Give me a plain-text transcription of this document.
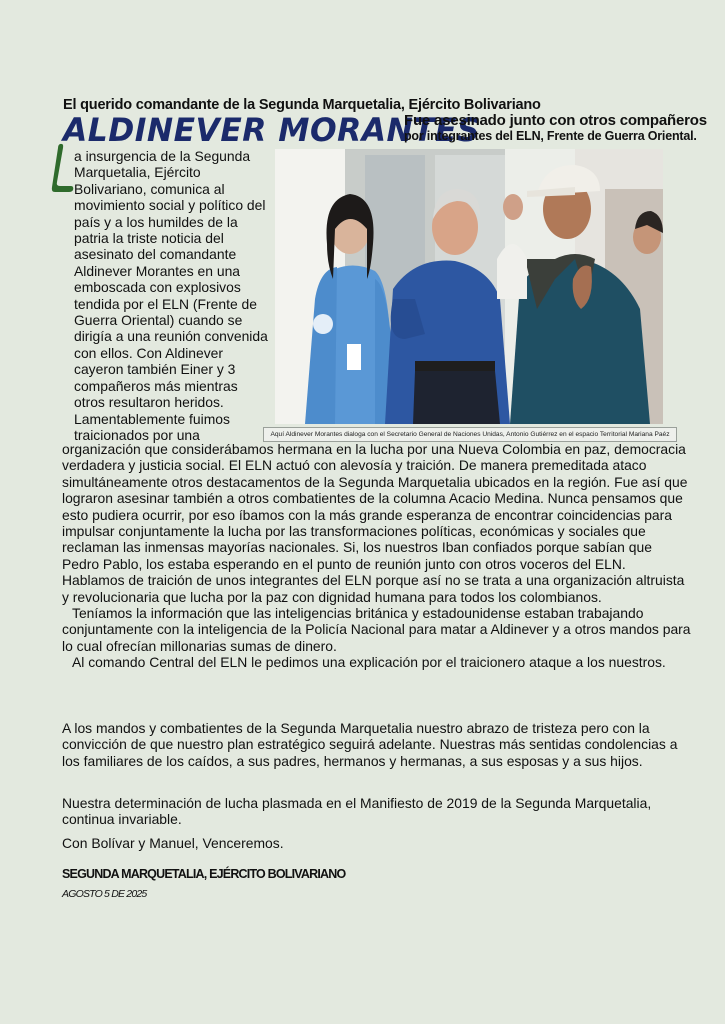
El querido comandante de la Segunda Marquetalia, Ejército Bolivariano
ALDINEVER MORANTES
Fue asesinado junto con otros compañeros
por integrantes del ELN, Frente de Guerra Oriental.

a insurgencia de la Segunda Marquetalia, Ejército Bolivariano, comunica al movimiento social y político del país y a los humildes de la patria la triste noticia del asesinato del comandante Aldinever Morantes en una emboscada con explosivos tendida por el ELN (Frente de Guerra Oriental) cuando se dirigía a una reunión convenida con ellos. Con Aldinever cayeron también Einer y 3 compañeros más mientras otros resultaron heridos. Lamentablemente fuimos traicionados por una	Aquí Aldinever Morantes dialoga con el Secretario General de Naciones Unidas, Antonio Gutiérrez en el espacio Territorial Mariana Paéz

organización que considerábamos hermana en la lucha por una Nueva Colombia en paz, democracia verdadera y justicia social. El ELN actuó con alevosía y traición. De manera premeditada ataco simultáneamente otros destacamentos de la Segunda Marquetalia ubicados en la región. Fue así que lograron asesinar también a otros combatientes de la columna Acacio Medina. Nunca pensamos que esto pudiera ocurrir, por eso íbamos con la más grande esperanza de encontrar coincidencias para impulsar conjuntamente la lucha por las transformaciones políticas, económicas y sociales que reclaman las inmensas mayorías nacionales. Si, los nuestros Iban confiados porque sabían que Pedro Pablo, los estaba esperando en el punto de reunión junto con otros voceros del ELN. Hablamos de traición de unos integrantes del ELN porque así no se trata a una organización altruista y revolucionaria que lucha por la paz con dignidad humana para todos los colombianos.

Teníamos la información que las inteligencias británica y estadounidense estaban trabajando conjuntamente con la inteligencia de la Policía Nacional para matar a Aldinever y a otros mandos para lo cual ofrecían millonarias sumas de dinero.

Al comando Central del ELN le pedimos una explicación por el traicionero ataque a los nuestros.

A los mandos y combatientes de la Segunda Marquetalia nuestro abrazo de tristeza pero con la convicción de que nuestro plan estratégico seguirá adelante. Nuestras más sentidas condolencias a los familiares de los caídos, a sus padres, hermanos y hermanas, a sus esposas y a sus hijos.

Nuestra determinación de lucha plasmada en el Manifiesto de 2019 de la Segunda Marquetalia, continua invariable.

Con Bolívar y Manuel, Venceremos.

SEGUNDA MARQUETALIA, EJÉRCITO BOLIVARIANO
AGOSTO 5 DE 2025
